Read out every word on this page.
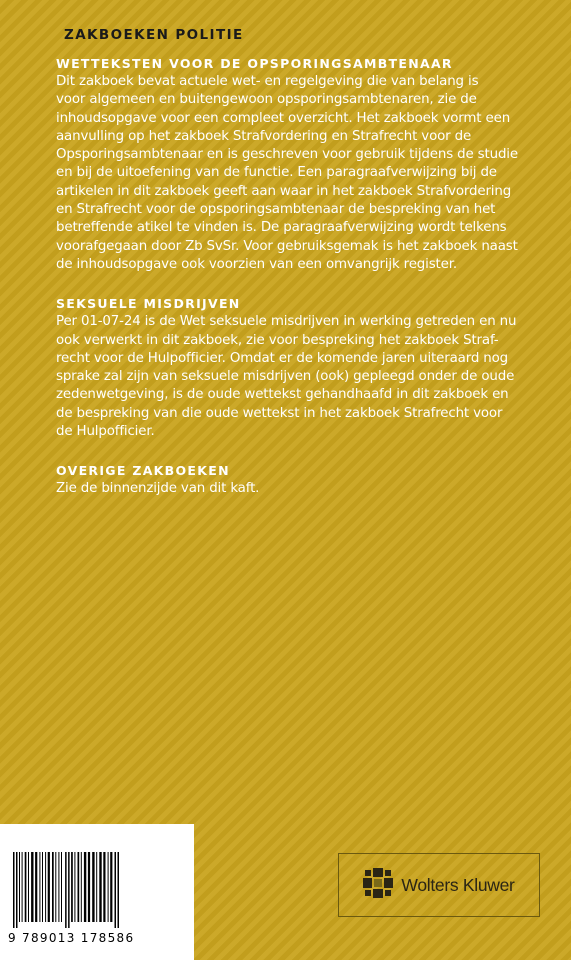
ZAKBOEKEN POLITIE
WETTEKSTEN VOOR DE OPSPORINGSAMBTENAAR
Dit zakboek bevat actuele wet- en regelgeving die van belang is
voor algemeen en buitengewoon opsporingsambtenaren, zie de
inhoudsopgave voor een compleet overzicht. Het zakboek vormt een
aanvulling op het zakboek Strafvordering en Strafrecht voor de
Opsporingsambtenaar en is geschreven voor gebruik tijdens de studie
en bij de uitoefening van de functie. Een paragraafverwijzing bij de
artikelen in dit zakboek geeft aan waar in het zakboek Strafvordering
en Strafrecht voor de opsporingsambtenaar de bespreking van het
betreffende atikel te vinden is. De paragraafverwijzing wordt telkens
voorafgegaan door Zb SvSr. Voor gebruiksgemak is het zakboek naast
de inhoudsopgave ook voorzien van een omvangrijk register.
SEKSUELE MISDRIJVEN
Per 01-07-24 is de Wet seksuele misdrijven in werking getreden en nu
ook verwerkt in dit zakboek, zie voor bespreking het zakboek Straf-
recht voor de Hulpofficier. Omdat er de komende jaren uiteraard nog
sprake zal zijn van seksuele misdrijven (ook) gepleegd onder de oude
zedenwetgeving, is de oude wettekst gehandhaafd in dit zakboek en
de bespreking van die oude wettekst in het zakboek Strafrecht voor
de Hulpofficier.
OVERIGE ZAKBOEKEN
Zie de binnenzijde van dit kaft.
9 789013 178586
Wolters Kluwer
